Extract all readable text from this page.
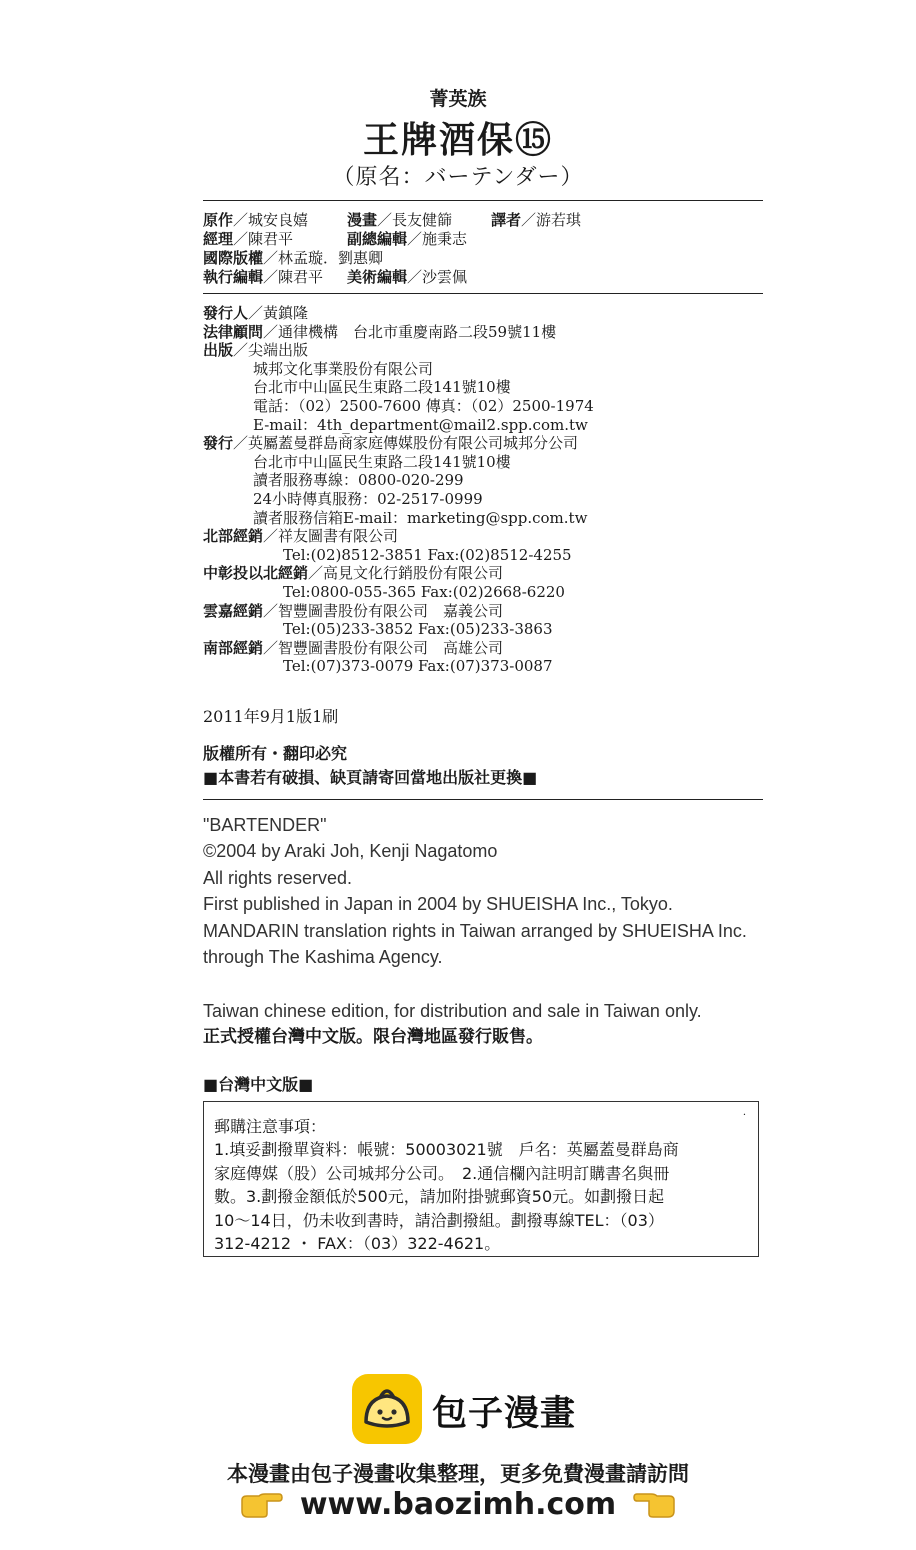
菁英族
王牌酒保⑮
（原名：バーテンダー）
原作／城安良嬉	漫畫／長友健篩	譯者／游若琪
經理／陳君平	副總編輯／施秉志
國際版權／林孟璇．劉惠卿
執行編輯／陳君平 美術編輯／沙雲佩
發行人／黃鎮隆
法律顧問／通律機構　台北市重慶南路二段59號11樓
出版／尖端出版
城邦文化事業股份有限公司
台北市中山區民生東路二段141號10樓
電話：（02）2500-7600 傳真：（02）2500-1974
E-mail：4th_department@mail2.spp.com.tw
發行／英屬蓋曼群島商家庭傳媒股份有限公司城邦分公司
台北市中山區民生東路二段141號10樓
讀者服務專線：0800-020-299
24小時傳真服務：02-2517-0999
讀者服務信箱E-mail：marketing@spp.com.tw
北部經銷／祥友圖書有限公司
Tel:(02)8512-3851 Fax:(02)8512-4255
中彰投以北經銷／高見文化行銷股份有限公司
Tel:0800-055-365 Fax:(02)2668-6220
雲嘉經銷／智豐圖書股份有限公司　嘉義公司
Tel:(05)233-3852 Fax:(05)233-3863
南部經銷／智豐圖書股份有限公司　高雄公司
Tel:(07)373-0079 Fax:(07)373-0087
2011年9月1版1刷
版權所有・翻印必究
■本書若有破損、缺頁請寄回當地出版社更換■
"BARTENDER"
©2004 by Araki Joh, Kenji Nagatomo
All rights reserved.
First published in Japan in 2004 by SHUEISHA Inc., Tokyo.
MANDARIN translation rights in Taiwan arranged by SHUEISHA Inc.
through The Kashima Agency.
Taiwan chinese edition, for distribution and sale in Taiwan only.
正式授權台灣中文版。限台灣地區發行販售。
■台灣中文版■
·
郵購注意事項：
1.填妥劃撥單資料：帳號：50003021號　戶名：英屬蓋曼群島商
家庭傳媒（股）公司城邦分公司。　2.通信欄內註明訂購書名與冊
數。3.劃撥金額低於500元，請加附掛號郵資50元。如劃撥日起
10～14日，仍未收到書時，請洽劃撥組。劃撥專線TEL：（03）
312-4212 ・ FAX：（03）322-4621。
包子漫畫
本漫畫由包子漫畫收集整理，更多免費漫畫請訪問
www.baozimh.com
